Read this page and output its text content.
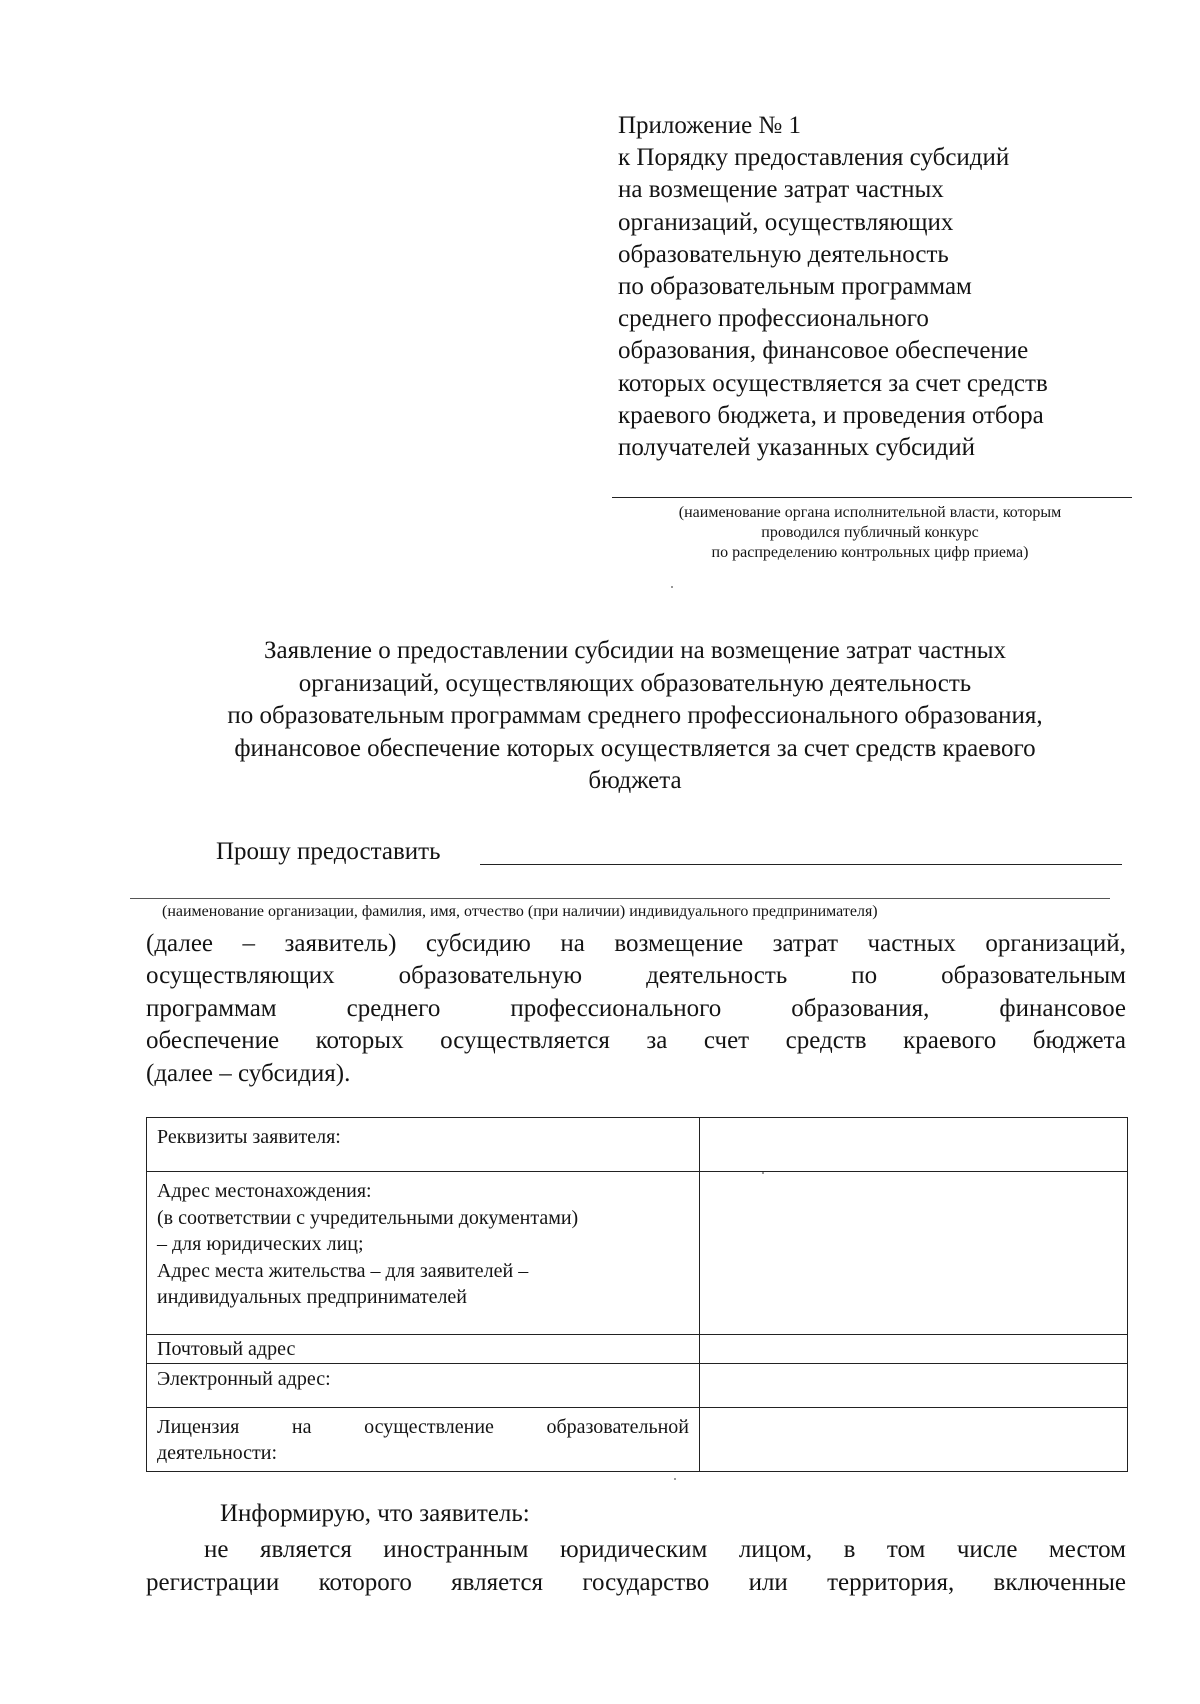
Приложение № 1
к Порядку предоставления субсидий
на возмещение затрат частных
организаций, осуществляющих
образовательную деятельность
по образовательным программам
среднего профессионального
образования, финансовое обеспечение
которых осуществляется за счет средств
краевого бюджета, и проведения отбора
получателей указанных субсидий
(наименование органа исполнительной власти, которым
проводился публичный конкурс
по распределению контрольных цифр приема)
Заявление о предоставлении субсидии на возмещение затрат частных
организаций, осуществляющих образовательную деятельность
по образовательным программам среднего профессионального образования,
финансовое обеспечение которых осуществляется за счет средств краевого
бюджета
Прошу предоставить
(наименование организации, фамилия, имя, отчество (при наличии) индивидуального предпринимателя)
(далее – заявитель) субсидию на возмещение затрат частных организаций,
осуществляющих	образовательную	деятельность	по	образовательным
программам	среднего	профессионального	образования,	финансовое
обеспечение которых осуществляется за счет средств краевого бюджета
(далее – субсидия).
Реквизиты заявителя:	

Адрес местонахождения:
(в соответствии с учредительными документами)
– для юридических лиц;
Адрес места жительства – для заявителей –
индивидуальных предпринимателей	

Почтовый адрес	
Электронный адрес:	

Лицензия на осуществление образовательной
деятельности:	

Информирую, что заявитель:
не является иностранным юридическим лицом, в том числе местом
регистрации которого является государство или территория, включенные
